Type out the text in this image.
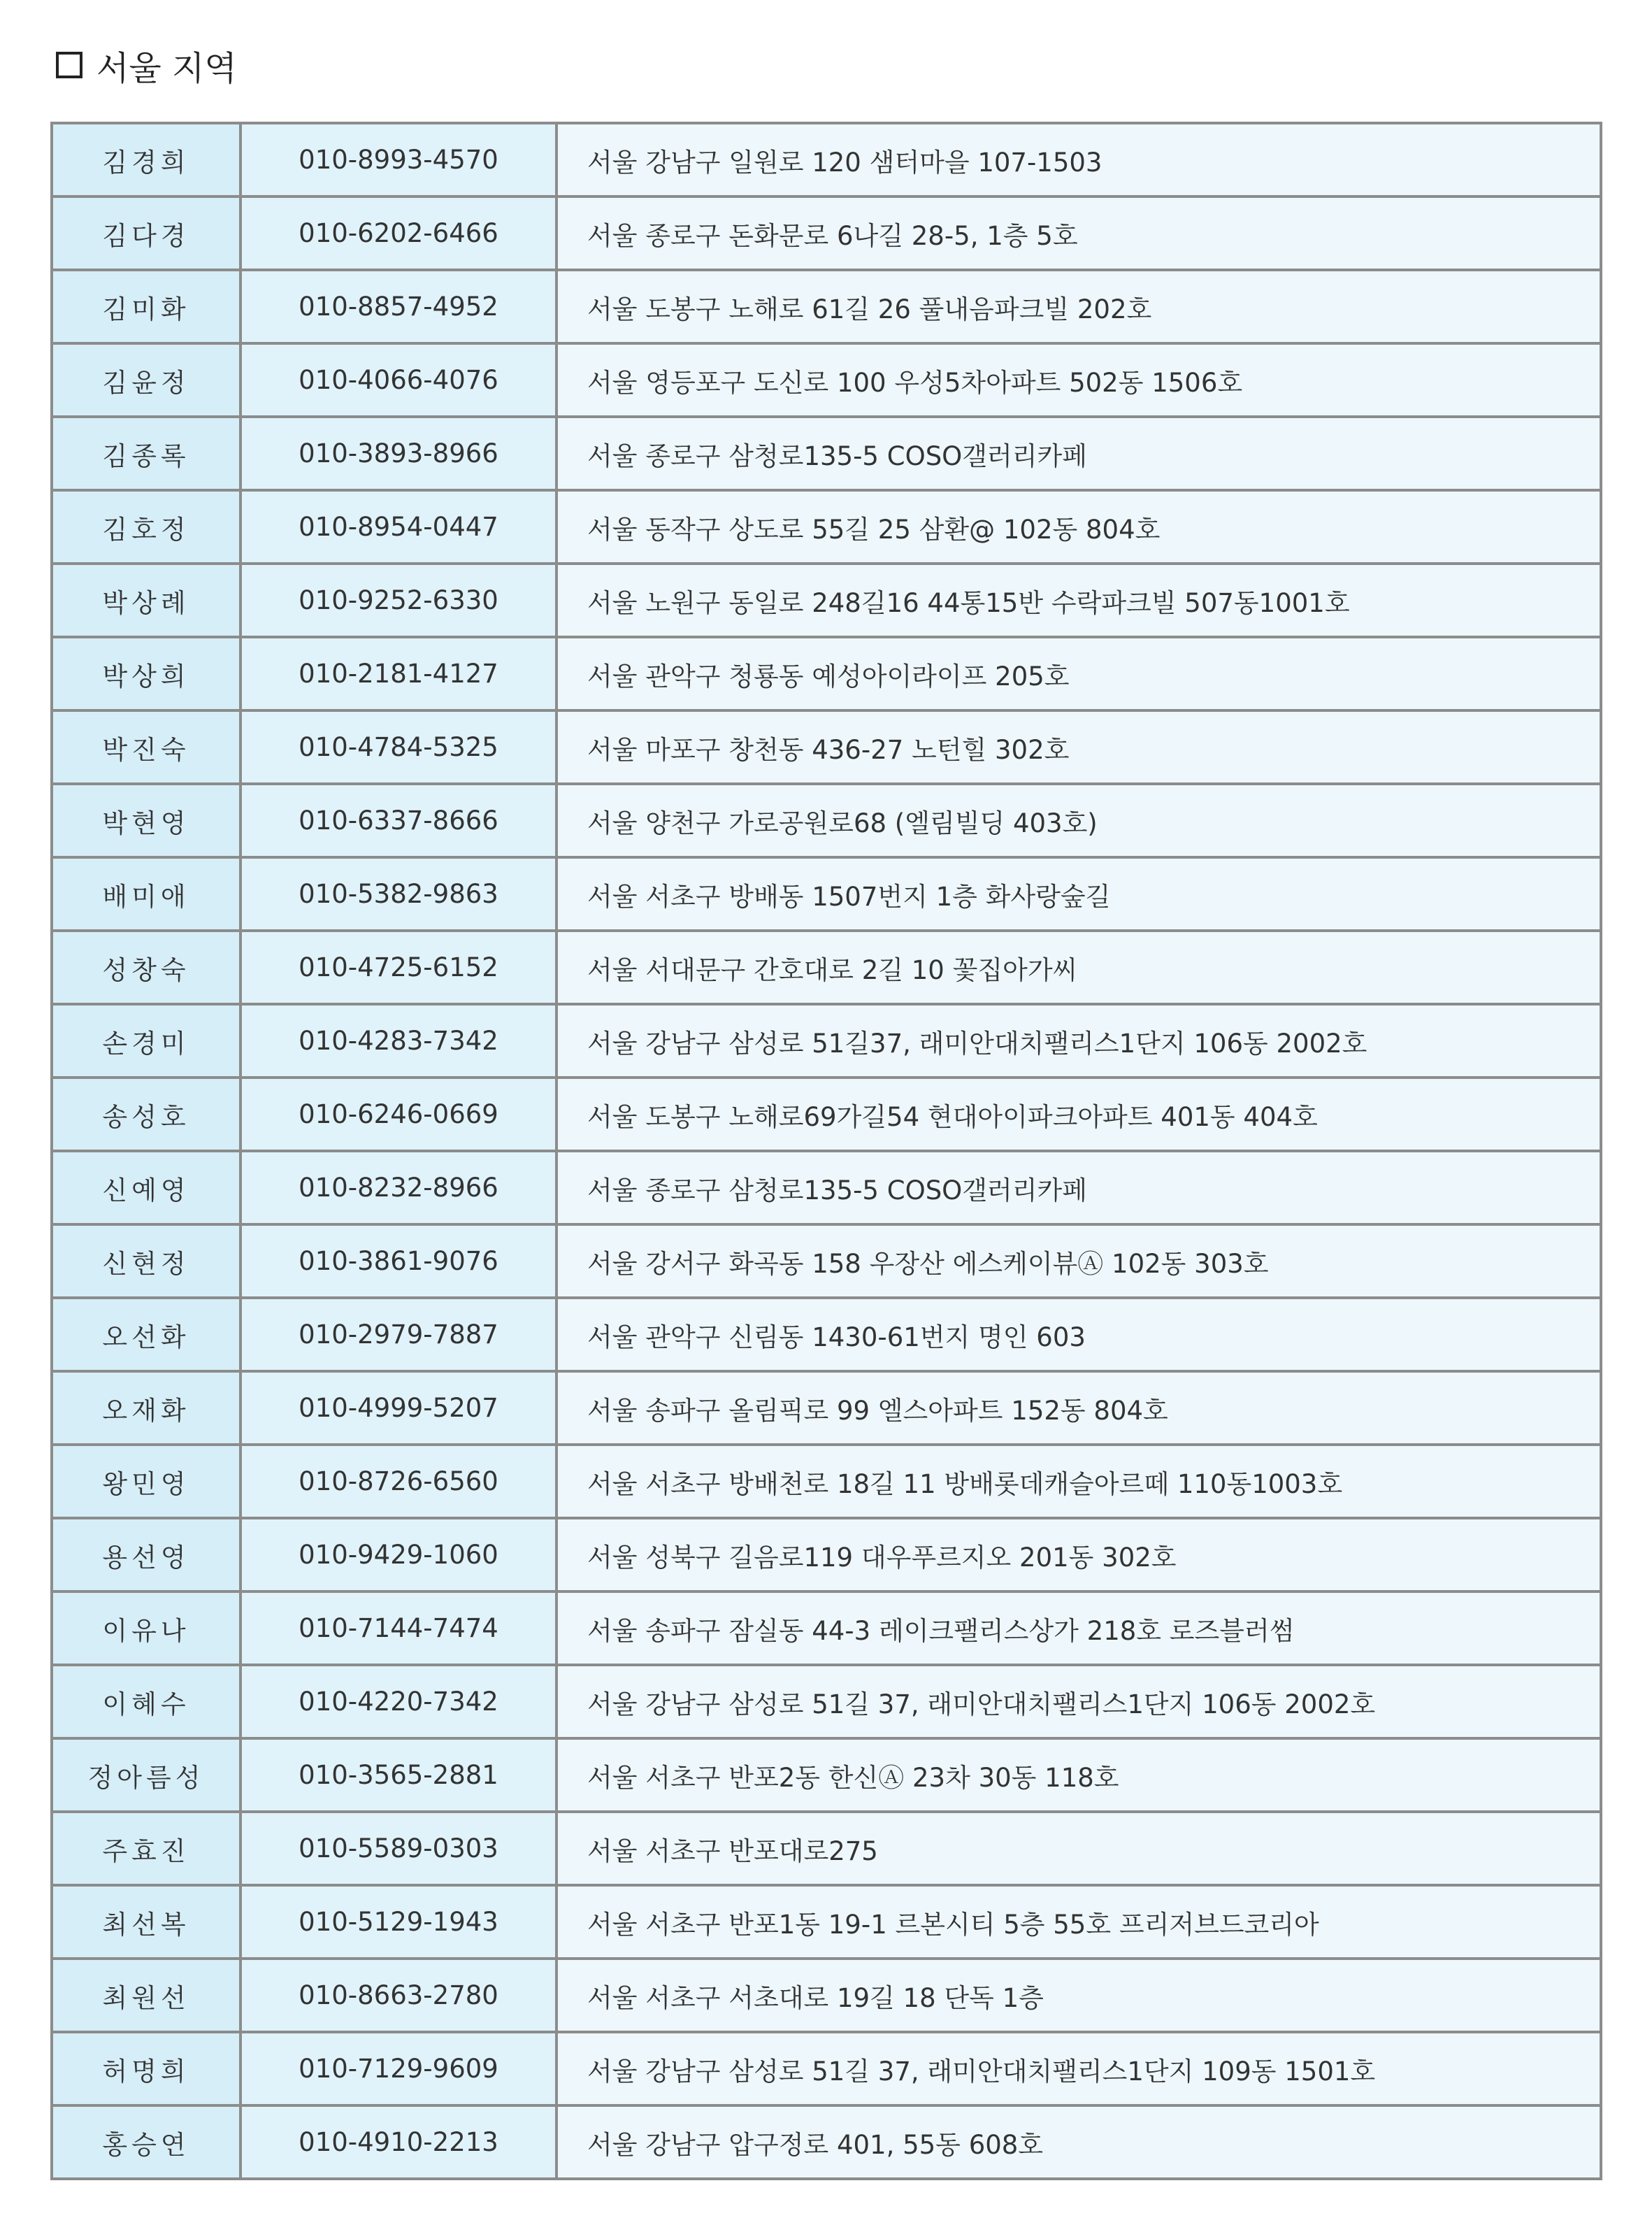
서울 지역
김경희	010-8993-4570	서울 강남구 일원로 120 샘터마을 107-1503
김다경	010-6202-6466	서울 종로구 돈화문로 6나길 28-5, 1층 5호
김미화	010-8857-4952	서울 도봉구 노해로 61길 26 풀내음파크빌 202호
김윤정	010-4066-4076	서울 영등포구 도신로 100 우성5차아파트 502동 1506호
김종록	010-3893-8966	서울 종로구 삼청로135-5 COSO갤러리카페
김호정	010-8954-0447	서울 동작구 상도로 55길 25 삼환@ 102동 804호
박상례	010-9252-6330	서울 노원구 동일로 248길16 44통15반 수락파크빌 507동1001호
박상희	010-2181-4127	서울 관악구 청룡동 예성아이라이프 205호
박진숙	010-4784-5325	서울 마포구 창천동 436-27 노턴힐 302호
박현영	010-6337-8666	서울 양천구 가로공원로68 (엘림빌딩 403호)
배미애	010-5382-9863	서울 서초구 방배동 1507번지 1층 화사랑숲길
성창숙	010-4725-6152	서울 서대문구 간호대로 2길 10 꽃집아가씨
손경미	010-4283-7342	서울 강남구 삼성로 51길37, 래미안대치팰리스1단지 106동 2002호
송성호	010-6246-0669	서울 도봉구 노해로69가길54 현대아이파크아파트 401동 404호
신예영	010-8232-8966	서울 종로구 삼청로135-5 COSO갤러리카페
신현정	010-3861-9076	서울 강서구 화곡동 158 우장산 에스케이뷰Ⓐ 102동 303호
오선화	010-2979-7887	서울 관악구 신림동 1430-61번지 명인 603
오재화	010-4999-5207	서울 송파구 올림픽로 99 엘스아파트 152동 804호
왕민영	010-8726-6560	서울 서초구 방배천로 18길 11 방배롯데캐슬아르떼 110동1003호
용선영	010-9429-1060	서울 성북구 길음로119 대우푸르지오 201동 302호
이유나	010-7144-7474	서울 송파구 잠실동 44-3 레이크팰리스상가 218호 로즈블러썸
이혜수	010-4220-7342	서울 강남구 삼성로 51길 37, 래미안대치팰리스1단지 106동 2002호
정아름성	010-3565-2881	서울 서초구 반포2동 한신Ⓐ 23차 30동 118호
주효진	010-5589-0303	서울 서초구 반포대로275
최선복	010-5129-1943	서울 서초구 반포1동 19-1 르본시티 5층 55호 프리저브드코리아
최원선	010-8663-2780	서울 서초구 서초대로 19길 18 단독 1층
허명희	010-7129-9609	서울 강남구 삼성로 51길 37, 래미안대치팰리스1단지 109동 1501호
홍승연	010-4910-2213	서울 강남구 압구정로 401, 55동 608호
